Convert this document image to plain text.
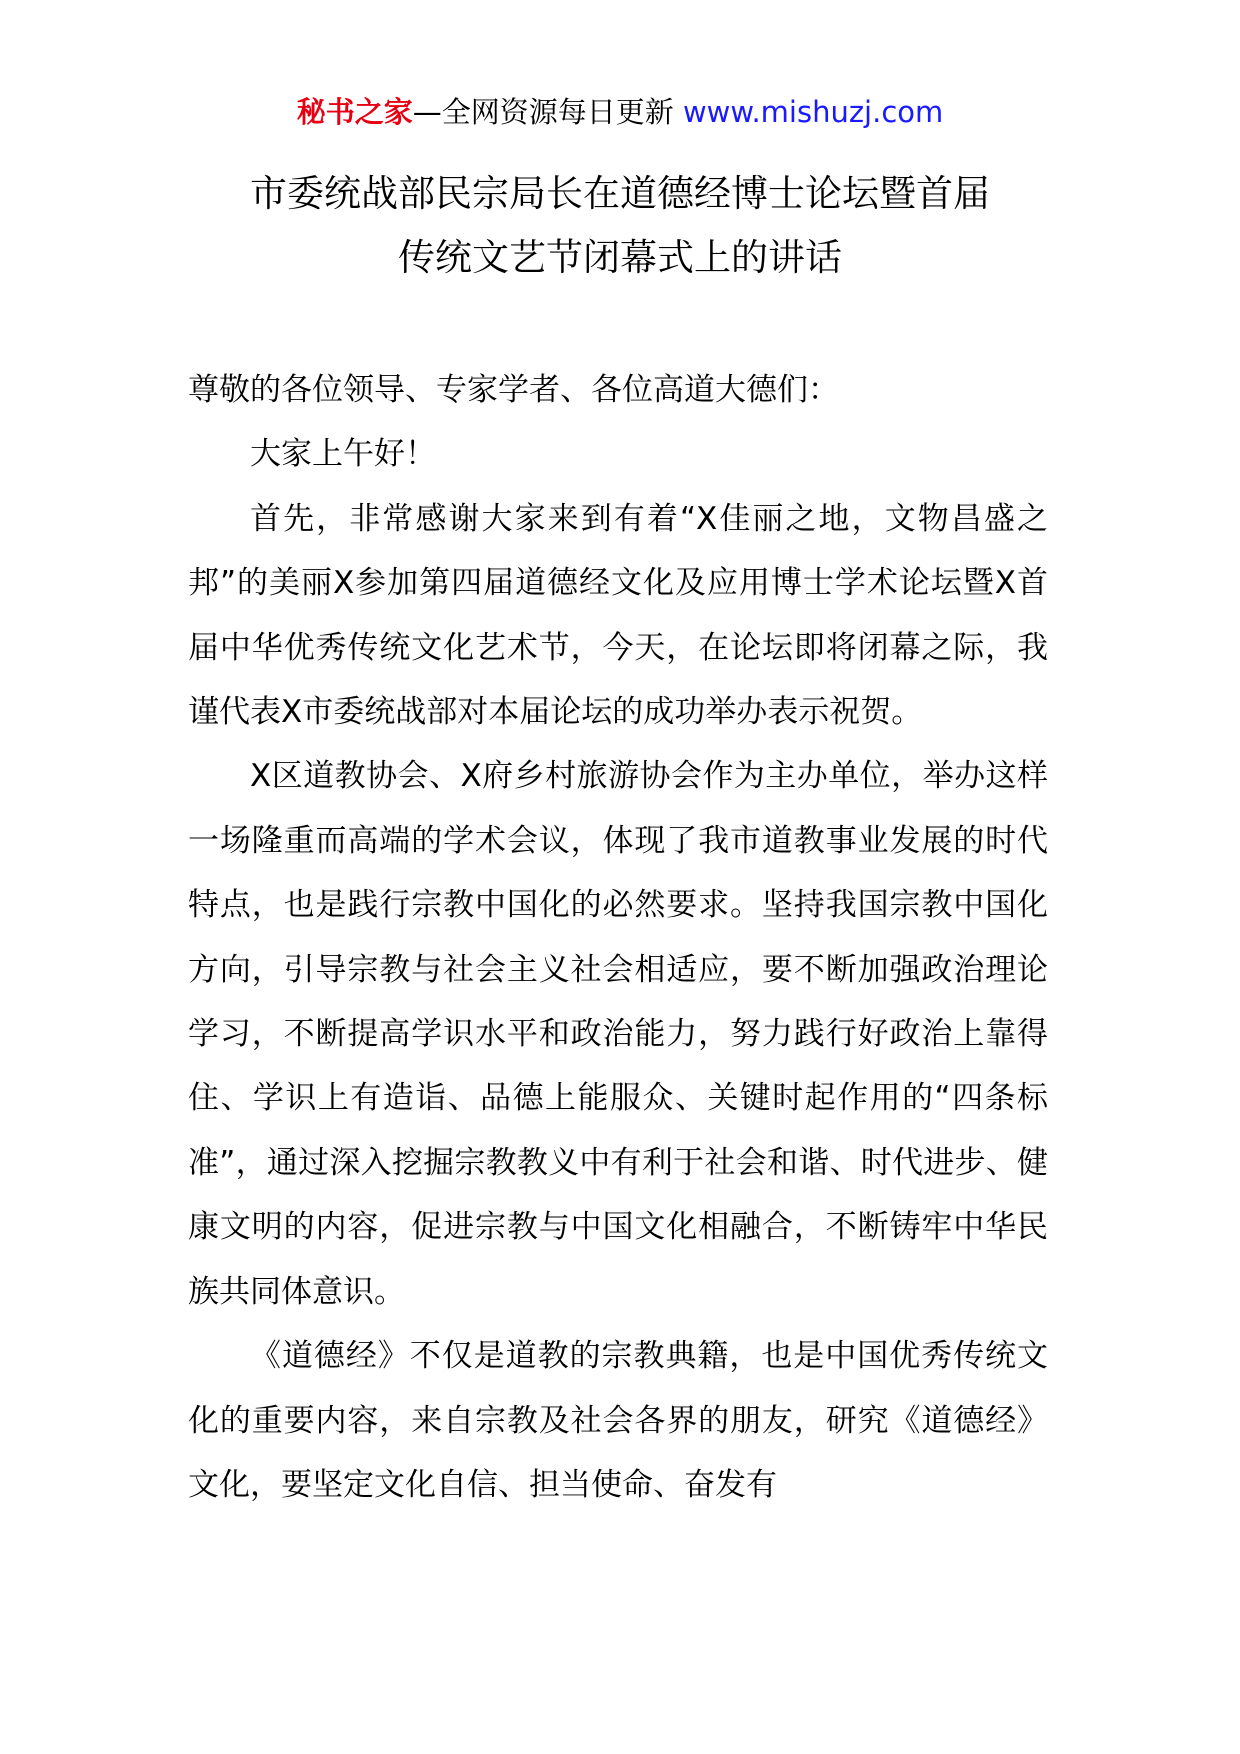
秘书之家—全网资源每日更新 www.mishuzj.com
市委统战部民宗局长在道德经博士论坛暨首届
传统文艺节闭幕式上的讲话

尊敬的各位领导、专家学者、各位高道大德们：

大家上午好！

首先，非常感谢大家来到有着“X佳丽之地，文物昌盛之邦”的美丽X参加第四届道德经文化及应用博士学术论坛暨X首届中华优秀传统文化艺术节，今天，在论坛即将闭幕之际，我谨代表X市委统战部对本届论坛的成功举办表示祝贺。

X区道教协会、X府乡村旅游协会作为主办单位，举办这样一场隆重而高端的学术会议，体现了我市道教事业发展的时代特点，也是践行宗教中国化的必然要求。坚持我国宗教中国化方向，引导宗教与社会主义社会相适应，要不断加强政治理论学习，不断提高学识水平和政治能力，努力践行好政治上靠得住、学识上有造诣、品德上能服众、关键时起作用的“四条标准”，通过深入挖掘宗教教义中有利于社会和谐、时代进步、健康文明的内容，促进宗教与中国文化相融合，不断铸牢中华民族共同体意识。

《道德经》不仅是道教的宗教典籍，也是中国优秀传统文化的重要内容，来自宗教及社会各界的朋友，研究《道德经》文化，要坚定文化自信、担当使命、奋发有
